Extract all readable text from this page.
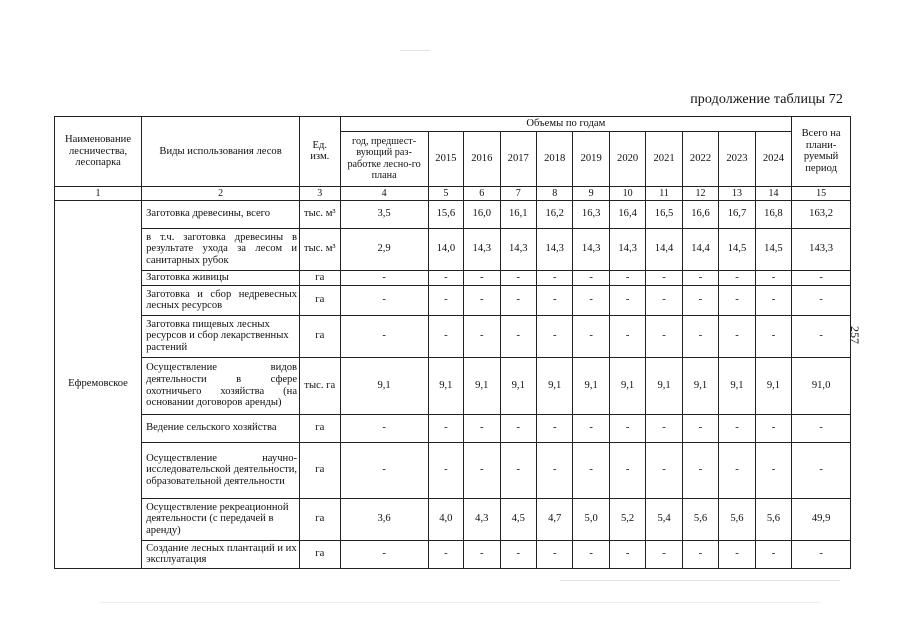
продолжение таблицы 72
257
Наименование лесничества, лесопарка	Виды использования лесов	Ед. изм.	Объемы по годам											Всего на плани-руемый период
			год, предшест-вующий раз-работке лесно-го плана	2015	2016	2017	2018	2019	2020	2021	2022	2023	2024	
1	2	3	4	5	6	7	8	9	10	11	12	13	14	15
Ефремовское	Заготовка древесины, всего	тыс. м³	3,5	15,6	16,0	16,1	16,2	16,3	16,4	16,5	16,6	16,7	16,8	163,2
	в т.ч. заготовка древесины в результате ухода за лесом и санитарных рубок	тыс. м³	2,9	14,0	14,3	14,3	14,3	14,3	14,3	14,4	14,4	14,5	14,5	143,3
	Заготовка живицы	га	-	-	-	-	-	-	-	-	-	-	-	-
	Заготовка и сбор недревесных лесных ресурсов	га	-	-	-	-	-	-	-	-	-	-	-	-
	Заготовка пищевых лесных ресурсов и сбор лекарственных растений	га	-	-	-	-	-	-	-	-	-	-	-	-
	Осуществление видов деятельности в сфере охотничьего хозяйства (на основании договоров аренды)	тыс. га	9,1	9,1	9,1	9,1	9,1	9,1	9,1	9,1	9,1	9,1	9,1	91,0
	Ведение сельского хозяйства	га	-	-	-	-	-	-	-	-	-	-	-	-
	Осуществление научно-исследовательской деятельности, образовательной деятельности	га	-	-	-	-	-	-	-	-	-	-	-	-
	Осуществление рекреационной деятельности (с передачей в аренду)	га	3,6	4,0	4,3	4,5	4,7	5,0	5,2	5,4	5,6	5,6	5,6	49,9
	Создание лесных плантаций и их эксплуатация	га	-	-	-	-	-	-	-	-	-	-	-	-
